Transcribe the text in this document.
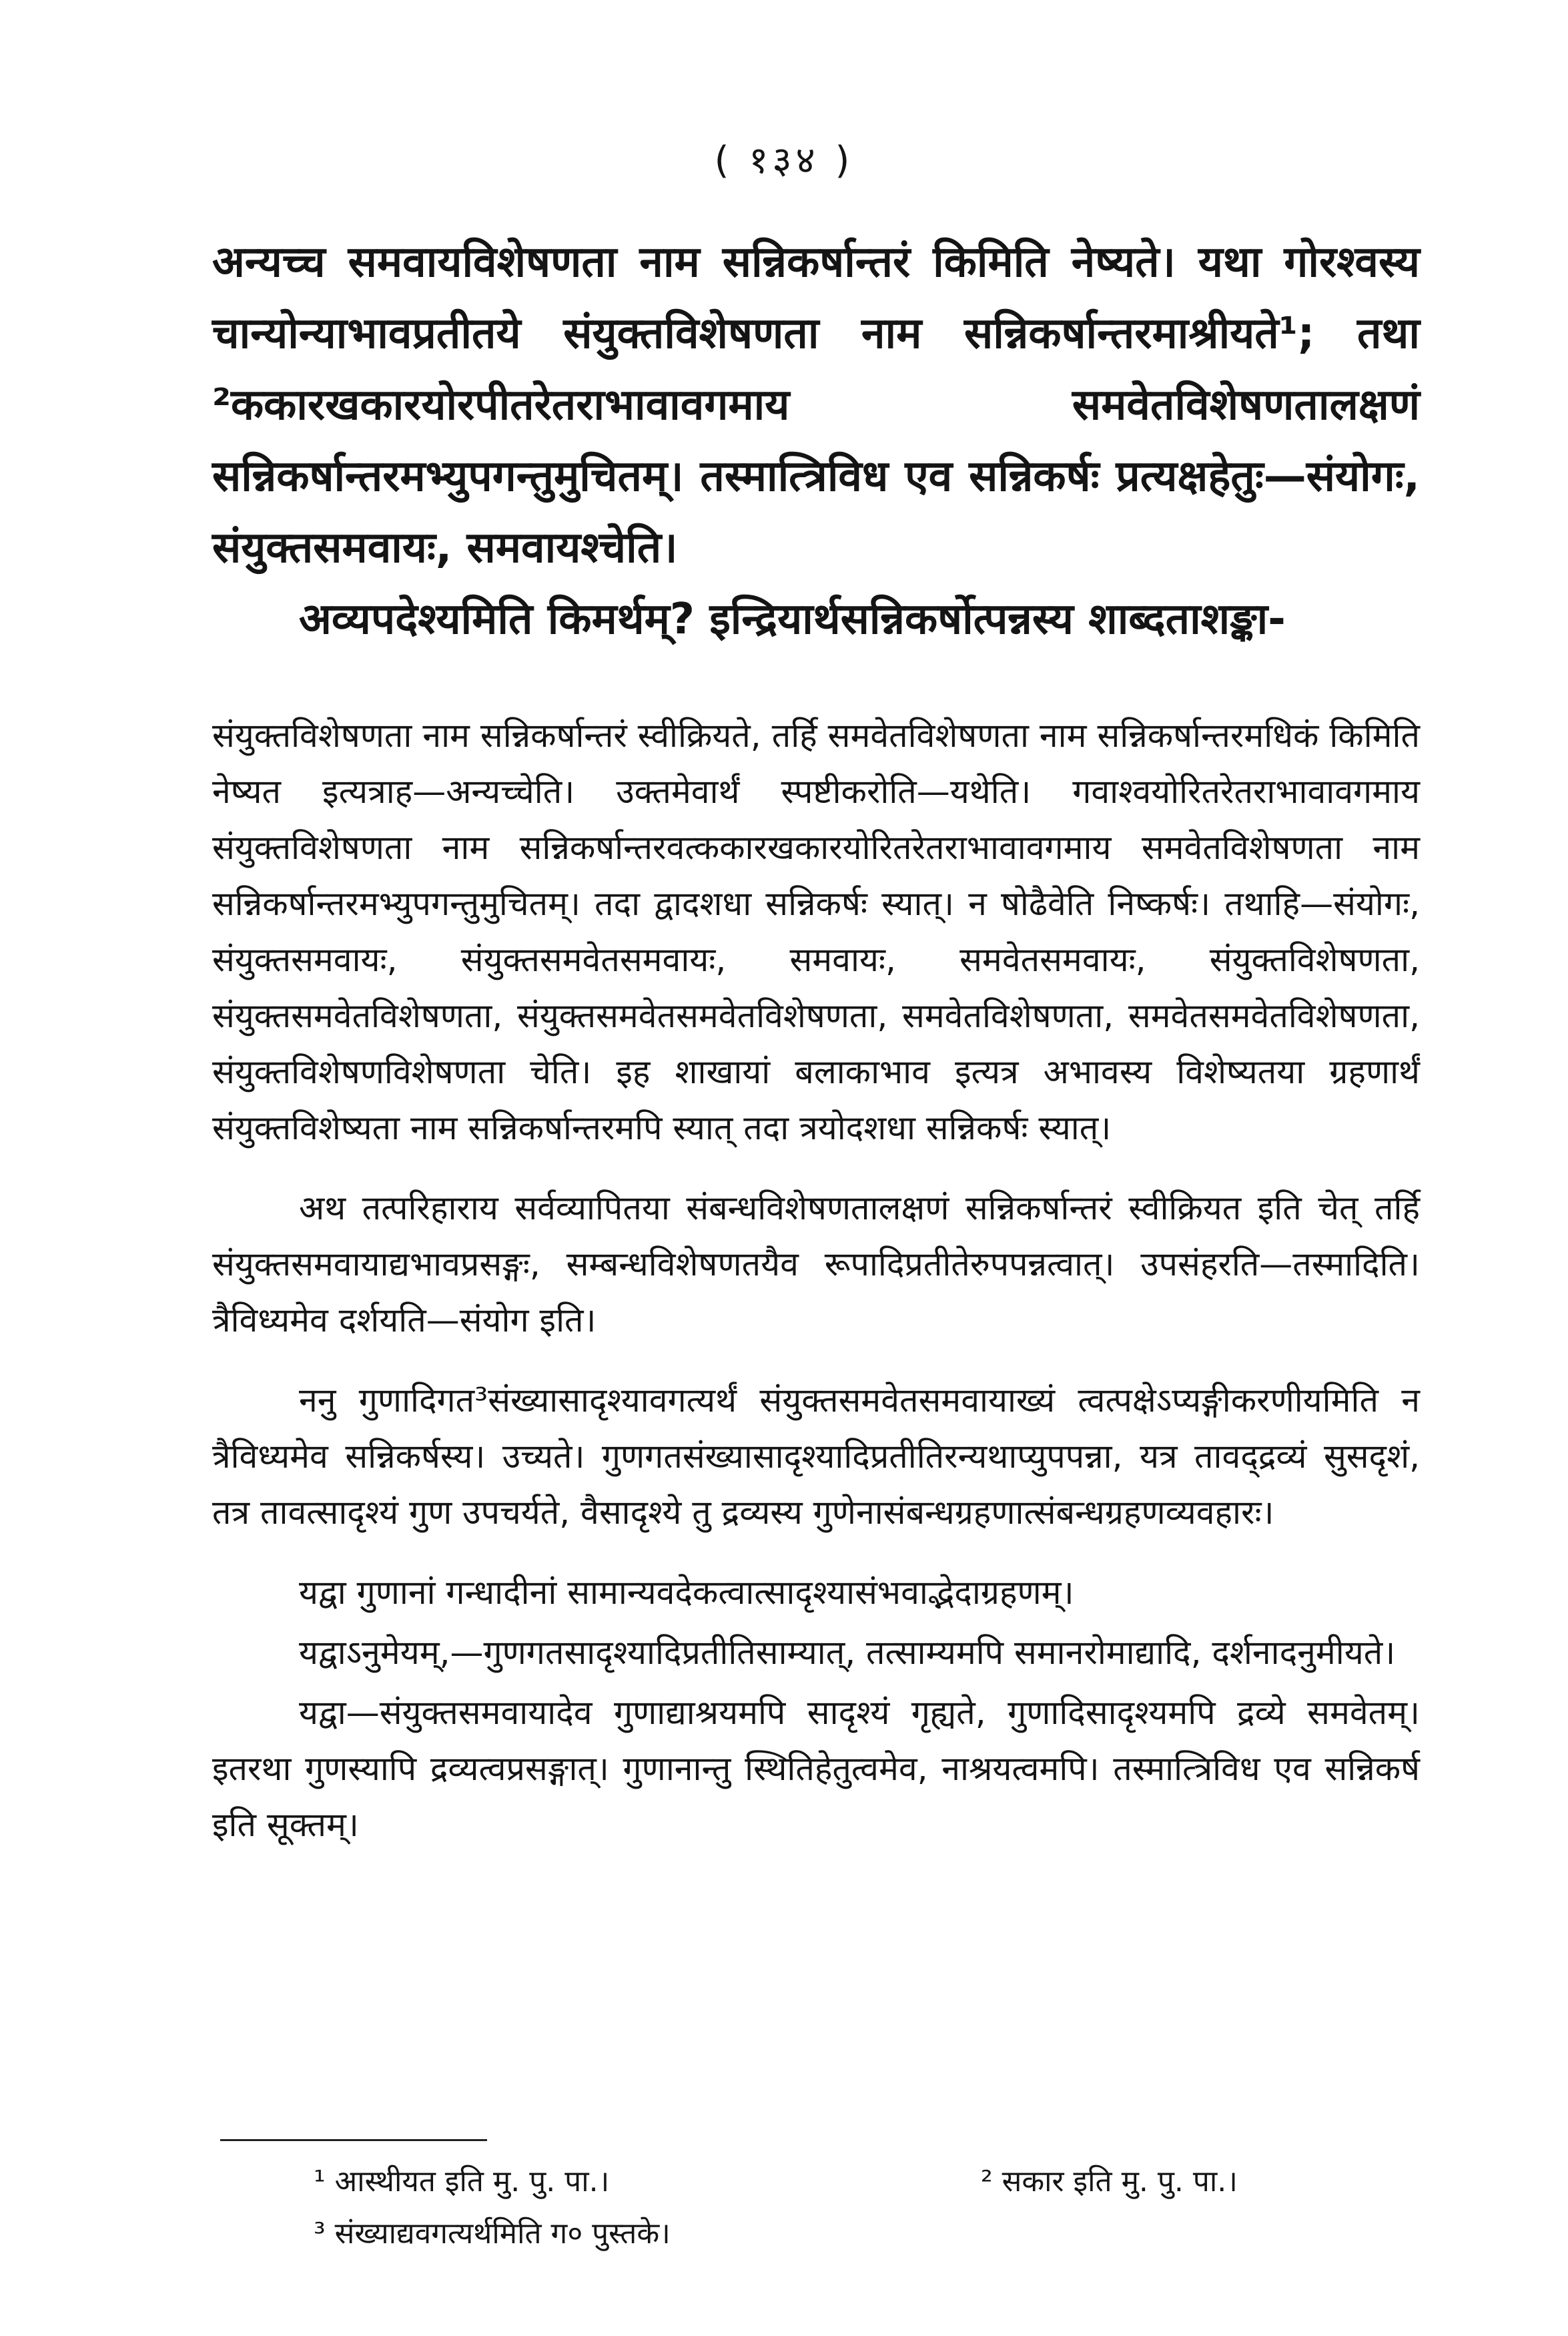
( १३४ )

अन्यच्च समवायविशेषणता नाम सन्निकर्षान्तरं किमिति नेष्यते। यथा गोरश्वस्य चान्योन्याभावप्रतीतये संयुक्तविशेषणता नाम सन्निकर्षान्तरमाश्रीयते¹; तथा ²ककारखकारयोरपीतरेतराभावावगमाय समवेतविशेषणतालक्षणं सन्निकर्षान्तरमभ्युपगन्तुमुचितम्। तस्मात्त्रिविध एव सन्निकर्षः प्रत्यक्षहेतुः—संयोगः, संयुक्तसमवायः, समवायश्चेति।

अव्यपदेश्यमिति किमर्थम्? इन्द्रियार्थसन्निकर्षोत्पन्नस्य शाब्दताशङ्का-

संयुक्तविशेषणता नाम सन्निकर्षान्तरं स्वीक्रियते, तर्हि समवेतविशेषणता नाम सन्निकर्षान्तरमधिकं किमिति नेष्यत इत्यत्राह—अन्यच्चेति। उक्तमेवार्थं स्पष्टीकरोति—यथेति। गवाश्वयोरितरेतराभावावगमाय संयुक्तविशेषणता नाम सन्निकर्षान्तरवत्ककारखकारयोरितरेतराभावावगमाय समवेतविशेषणता नाम सन्निकर्षान्तरमभ्युपगन्तुमुचितम्। तदा द्वादशधा सन्निकर्षः स्यात्। न षोढैवेति निष्कर्षः। तथाहि—संयोगः, संयुक्तसमवायः, संयुक्तसमवेतसमवायः, समवायः, समवेतसमवायः, संयुक्तविशेषणता, संयुक्तसमवेतविशेषणता, संयुक्तसमवेतसमवेतविशेषणता, समवेतविशेषणता, समवेतसमवेतविशेषणता, संयुक्तविशेषणविशेषणता चेति। इह शाखायां बलाकाभाव इत्यत्र अभावस्य विशेष्यतया ग्रहणार्थं संयुक्तविशेष्यता नाम सन्निकर्षान्तरमपि स्यात् तदा त्रयोदशधा सन्निकर्षः स्यात्।

अथ तत्परिहाराय सर्वव्यापितया संबन्धविशेषणतालक्षणं सन्निकर्षान्तरं स्वीक्रियत इति चेत् तर्हि संयुक्तसमवायाद्यभावप्रसङ्गः, सम्बन्धविशेषणतयैव रूपादिप्रतीतेरुपपन्नत्वात्। उपसंहरति—तस्मादिति। त्रैविध्यमेव दर्शयति—संयोग इति।

ननु गुणादिगत³संख्यासादृश्यावगत्यर्थं संयुक्तसमवेतसमवायाख्यं त्वत्पक्षेऽप्यङ्गीकरणीयमिति न त्रैविध्यमेव सन्निकर्षस्य। उच्यते। गुणगतसंख्यासादृश्यादिप्रतीतिरन्यथाप्युपपन्ना, यत्र तावद्द्रव्यं सुसदृशं, तत्र तावत्सादृश्यं गुण उपचर्यते, वैसादृश्ये तु द्रव्यस्य गुणेनासंबन्धग्रहणात्संबन्धग्रहणव्यवहारः।

यद्वा गुणानां गन्धादीनां सामान्यवदेकत्वात्सादृश्यासंभवाद्भेदाग्रहणम्।

यद्वाऽनुमेयम्,—गुणगतसादृश्यादिप्रतीतिसाम्यात्, तत्साम्यमपि समानरोमाद्यादि, दर्शनादनुमीयते।

यद्वा—संयुक्तसमवायादेव गुणाद्याश्रयमपि सादृश्यं गृह्यते, गुणादिसादृश्यमपि द्रव्ये समवेतम्। इतरथा गुणस्यापि द्रव्यत्वप्रसङ्गात्। गुणानान्तु स्थितिहेतुत्वमेव, नाश्रयत्वमपि। तस्मात्त्रिविध एव सन्निकर्ष इति सूक्तम्।

¹ आस्थीयत इति मु. पु. पा.।	² सकार इति मु. पु. पा.।
³ संख्याद्यवगत्यर्थमिति ग० पुस्तके।
